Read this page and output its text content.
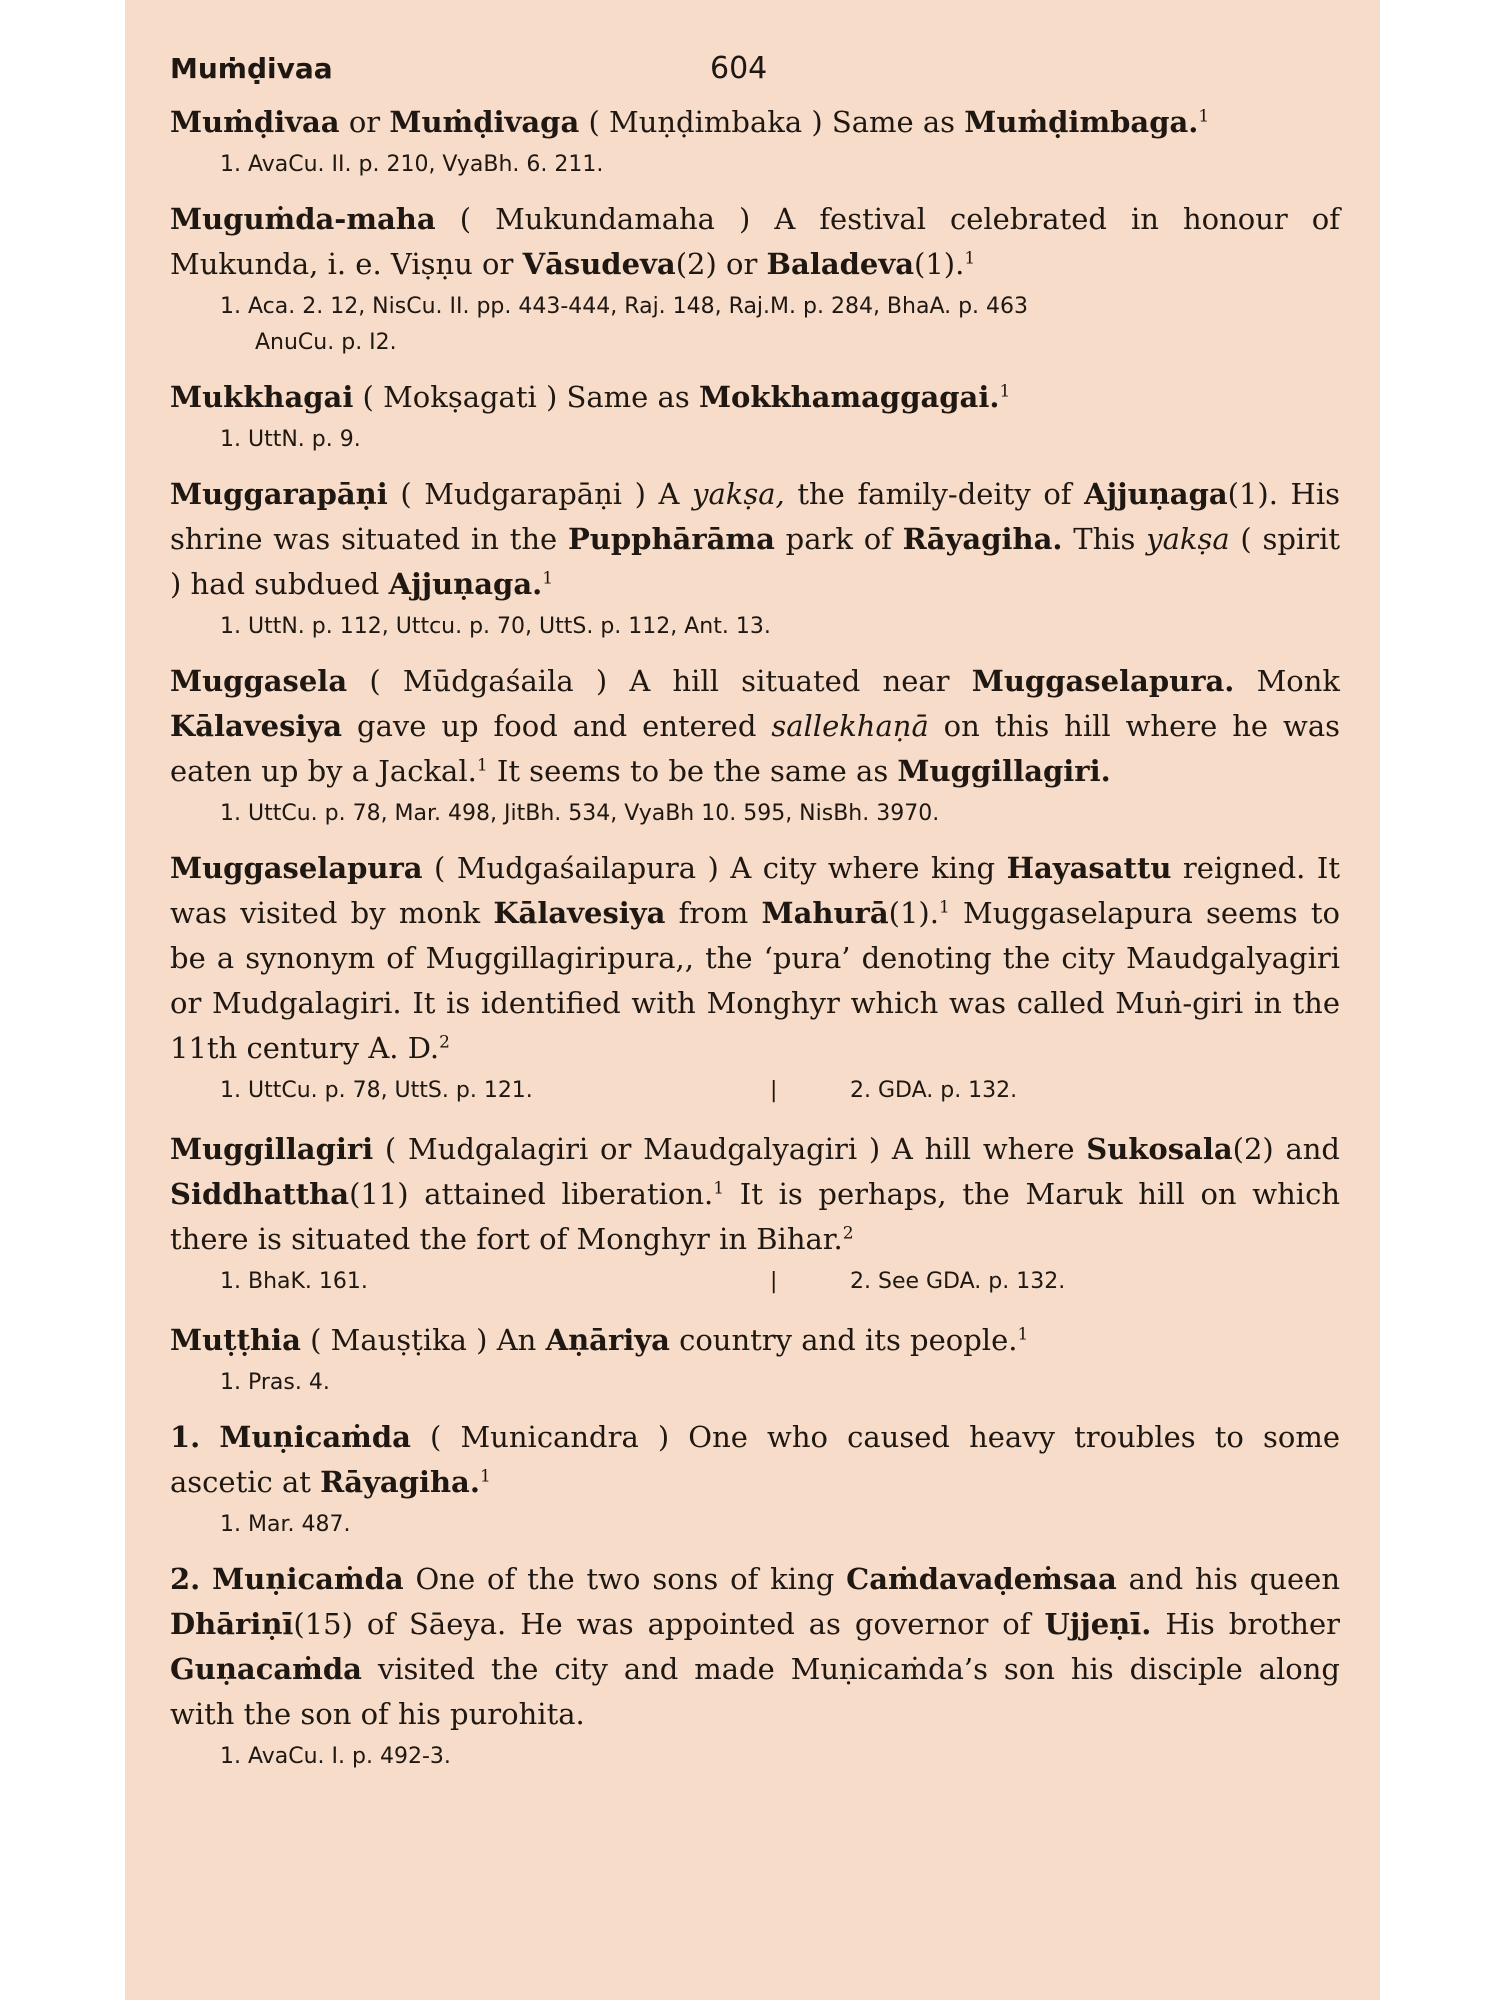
Muṁḍivaa	604
Muṁḍivaa or Muṁḍivaga ( Muṇḍimbaka ) Same as Muṁḍimbaga.$^1$
1. AvaCu. II. p. 210, VyaBh. 6. 211.
Muguṁda-maha ( Mukundamaha ) A festival celebrated in honour of Mukunda, i. e. Viṣṇu or Vāsudeva(2) or Baladeva(1).$^1$
1. Aca. 2. 12, NisCu. II. pp. 443-444, Raj. 148, Raj.M. p. 284, BhaA. p. 463
AnuCu. p. I2.
Mukkhagai ( Mokṣagati ) Same as Mokkhamaggagai.$^1$
1. UttN. p. 9.
Muggarapāṇi ( Mudgarapāṇi ) A yakṣa, the family-deity of Ajjuṇaga(1). His shrine was situated in the Pupphārāma park of Rāyagiha. This yakṣa ( spirit ) had subdued Ajjuṇaga.$^1$
1. UttN. p. 112, Uttcu. p. 70, UttS. p. 112, Ant. 13.
Muggasela ( Mūdgaśaila ) A hill situated near Muggaselapura. Monk Kālavesiya gave up food and entered sallekhaṇā on this hill where he was eaten up by a Jackal.$^1$ It seems to be the same as Muggillagiri.
1. UttCu. p. 78, Mar. 498, JitBh. 534, VyaBh 10. 595, NisBh. 3970.
Muggaselapura ( Mudgaśailapura ) A city where king Hayasattu reigned. It was visited by monk Kālavesiya from Mahurā(1).$^1$ Muggaselapura seems to be a synonym of Muggillagiripura,, the ‘pura’ denoting the city Maudgalyagiri or Mudgalagiri. It is identified with Monghyr which was called Muṅ-giri in the 11th century A. D.$^2$
1. UttCu. p. 78, UttS. p. 121.	|	2. GDA. p. 132.
Muggillagiri ( Mudgalagiri or Maudgalyagiri ) A hill where Sukosala(2) and Siddhattha(11) attained liberation.$^1$ It is perhaps, the Maruk hill on which there is situated the fort of Monghyr in Bihar.$^2$
1. BhaK. 161.	|	2. See GDA. p. 132.
Muṭṭhia ( Mauṣṭika ) An Aṇāriya country and its people.$^1$
1. Pras. 4.
1. Muṇicaṁda ( Municandra ) One who caused heavy troubles to some ascetic at Rāyagiha.$^1$
1. Mar. 487.
2. Muṇicaṁda One of the two sons of king Caṁdavaḍeṁsaa and his queen Dhāriṇī(15) of Sāeya. He was appointed as governor of Ujjeṇī. His brother Guṇacaṁda visited the city and made Muṇicaṁda’s son his disciple along with the son of his purohita.
1. AvaCu. I. p. 492-3.
